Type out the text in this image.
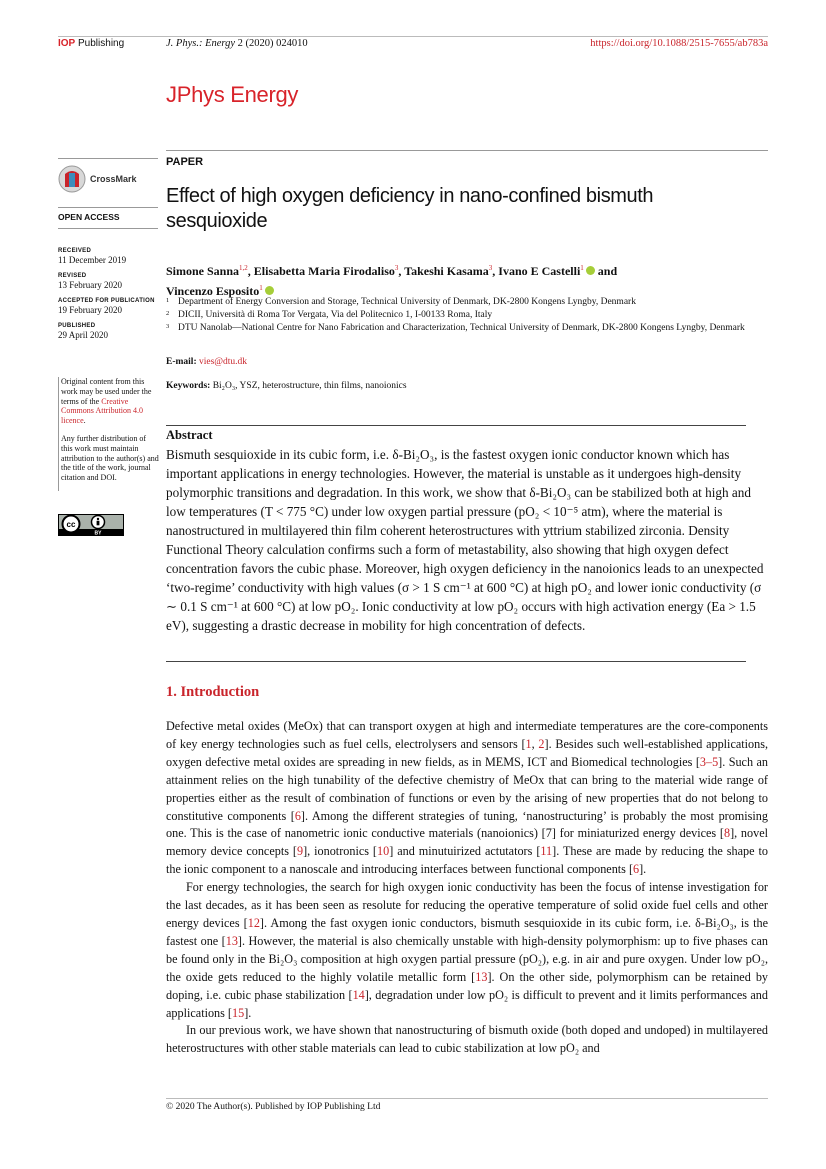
IOP Publishing	J. Phys.: Energy 2 (2020) 024010	https://doi.org/10.1088/2515-7655/ab783a
JPhys Energy
CrossMark
OPEN ACCESS
RECEIVED
11 December 2019
REVISED
13 February 2020
ACCEPTED FOR PUBLICATION
19 February 2020
PUBLISHED
29 April 2020

Original content from this work may be used under the terms of the Creative Commons Attribution 4.0 licence.

Any further distribution of this work must maintain attribution to the author(s) and the title of the work, journal citation and DOI.

cc
BY
PAPER
Effect of high oxygen deficiency in nano-confined bismuth sesquioxide
Simone Sanna$^{1,2}$, Elisabetta Maria Firodaliso$^3$, Takeshi Kasama$^3$, Ivano E Castelli$^1$ and
Vincenzo Esposito$^1$
1 Department of Energy Conversion and Storage, Technical University of Denmark, DK-2800 Kongens Lyngby, Denmark
2 DICII, Università di Roma Tor Vergata, Via del Politecnico 1, I-00133 Roma, Italy
3 DTU Nanolab—National Centre for Nano Fabrication and Characterization, Technical University of Denmark, DK-2800 Kongens Lyngby, Denmark
E-mail: vies@dtu.dk
Keywords: Bi₂O₃, YSZ, heterostructure, thin films, nanoionics
Abstract

Bismuth sesquioxide in its cubic form, i.e. δ-Bi₂O₃, is the fastest oxygen ionic conductor known which has important applications in energy technologies. However, the material is unstable as it undergoes high-density polymorphic transitions and degradation. In this work, we show that δ-Bi₂O₃ can be stabilized both at high and low temperatures (T < 775 °C) under low oxygen partial pressure (pO₂ < 10⁻⁵ atm), where the material is nanostructured in multilayered thin film coherent heterostructures with yttrium stabilized zirconia. Density Functional Theory calculation confirms such a form of metastability, also showing that high oxygen defect concentration favors the cubic phase. Moreover, high oxygen deficiency in the nanoionics leads to an unexpected ‘two-regime’ conductivity with high values (σ > 1 S cm⁻¹ at 600 °C) at high pO₂ and lower ionic conductivity (σ ∼ 0.1 S cm⁻¹ at 600 °C) at low pO₂. Ionic conductivity at low pO₂ occurs with high activation energy (Ea > 1.5 eV), suggesting a drastic decrease in mobility for high concentration of defects.

1. Introduction

Defective metal oxides (MeOx) that can transport oxygen at high and intermediate temperatures are the core-components of key energy technologies such as fuel cells, electrolysers and sensors [1, 2]. Besides such well-established applications, oxygen defective metal oxides are spreading in new fields, as in MEMS, ICT and Biomedical technologies [3–5]. Such an attainment relies on the high tunability of the defective chemistry of MeOx that can bring to the material wide range of properties either as the result of combination of functions or even by the arising of new properties that do not belong to constitutive components [6]. Among the different strategies of tuning, ‘nanostructuring’ is probably the most promising one. This is the case of nanometric ionic conductive materials (nanoionics) [7] for miniaturized energy devices [8], novel memory device concepts [9], ionotronics [10] and minutuirized actutators [11]. These are made by reducing the shape to the ionic component to a nanoscale and introducing interfaces between functional components [6].

For energy technologies, the search for high oxygen ionic conductivity has been the focus of intense investigation for the last decades, as it has been seen as resolute for reducing the operative temperature of solid oxide fuel cells and other energy devices [12]. Among the fast oxygen ionic conductors, bismuth sesquioxide in its cubic form, i.e. δ-Bi₂O₃, is the fastest one [13]. However, the material is also chemically unstable with high-density polymorphism: up to five phases can be found only in the Bi₂O₃ composition at high oxygen partial pressure (pO₂), e.g. in air and pure oxygen. Under low pO₂, the oxide gets reduced to the highly volatile metallic form [13]. On the other side, polymorphism can be retained by doping, i.e. cubic phase stabilization [14], degradation under low pO₂ is difficult to prevent and it limits performances and applications [15].

In our previous work, we have shown that nanostructuring of bismuth oxide (both doped and undoped) in multilayered heterostructures with other stable materials can lead to cubic stabilization at low pO₂ and

© 2020 The Author(s). Published by IOP Publishing Ltd
